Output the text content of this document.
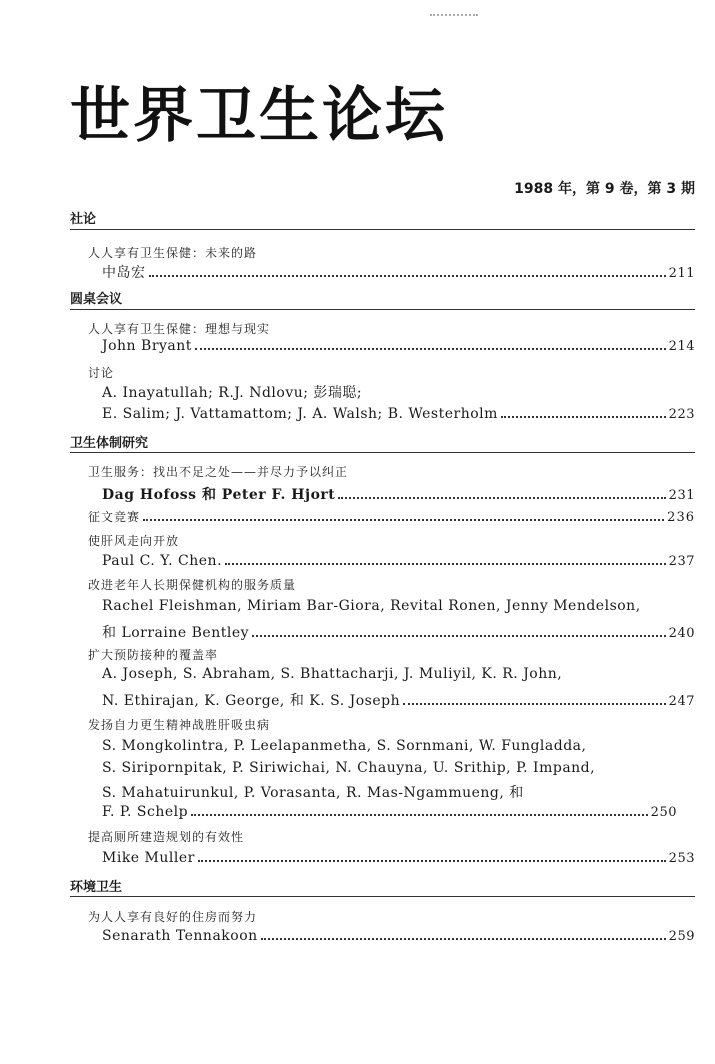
世界卫生论坛
1988 年，第 9 卷，第 3 期
社论
人人享有卫生保健：未来的路
中岛宏	211
圆桌会议
人人享有卫生保健：理想与现实
John Bryant	214
讨论
A. Inayatullah; R.J. Ndlovu; 彭瑞聪;
E. Salim; J. Vattamattom; J. A. Walsh; B. Westerholm	223
卫生体制研究
卫生服务：找出不足之处——并尽力予以纠正
Dag Hofoss 和 Peter F. Hjort	231
征文竞赛	236
使肝风走向开放
Paul C. Y. Chen.	237
改进老年人长期保健机构的服务质量
Rachel Fleishman, Miriam Bar-Giora, Revital Ronen, Jenny Mendelson,
和 Lorraine Bentley	240
扩大预防接种的覆盖率
A. Joseph, S. Abraham, S. Bhattacharji, J. Muliyil, K. R. John,
N. Ethirajan, K. George, 和 K. S. Joseph	247
发扬自力更生精神战胜肝吸虫病
S. Mongkolintra, P. Leelapanmetha, S. Sornmani, W. Fungladda,
S. Siripornpitak, P. Siriwichai, N. Chauyna, U. Srithip, P. Impand,
S. Mahatuirunkul, P. Vorasanta, R. Mas-Ngammueng, 和
F. P. Schelp	250
提高厕所建造规划的有效性
Mike Muller	253
环境卫生
为人人享有良好的住房而努力
Senarath Tennakoon	259
